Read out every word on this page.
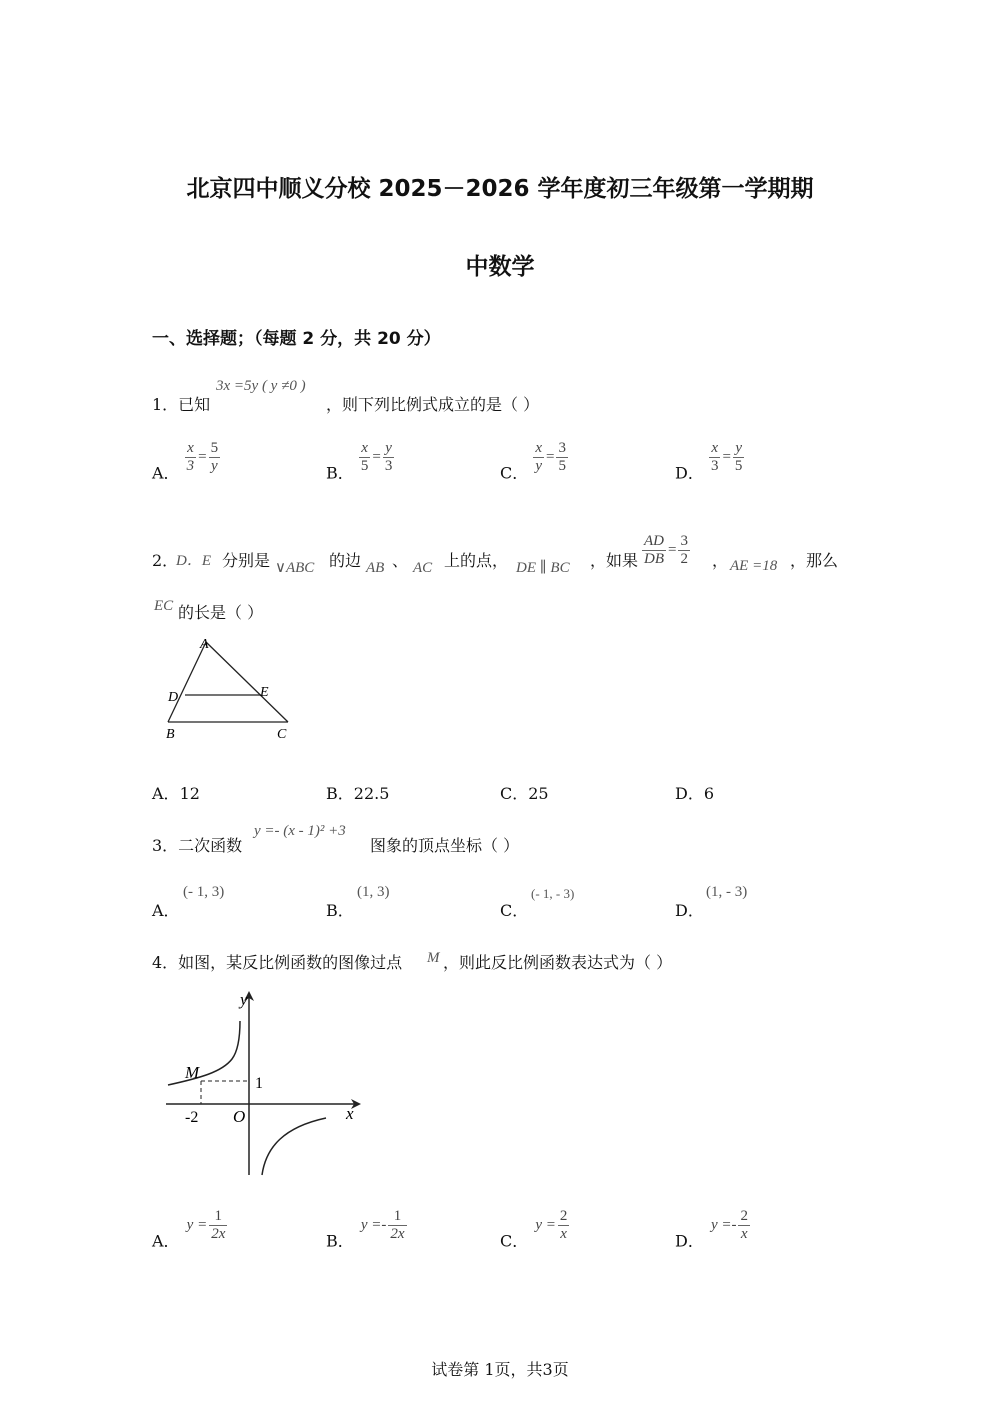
北京四中顺义分校 2025－2026 学年度初三年级第一学期期
中数学
一、选择题；（每题 2 分，共 20 分）
1．已知
3x =5y ( y ≠0 )
，则下列比例式成立的是（ ）
A． $\frac{x}{3} = \frac{5}{y}$	B． $\frac{x}{5} = \frac{y}{3}$	C． $\frac{x}{y} = \frac{3}{5}$	D． $\frac{x}{3} = \frac{y}{5}$
2．
D．E 分别是 ∨ABC 的边 AB 、 AC 上的点， DE ∥ BC ，如果 $\frac{AD}{DB} = \frac{3}{2}$ ， AE =18 ，那么
EC 的长是（ ）
A
D	E
B	C
A．12	B．22.5	C．25	D．6
3．二次函数
y =- (x - 1)² +3
图象的顶点坐标（ ）
A．
(- 1, 3)
B．
(1, 3)
C．
(- 1, - 3)
D．
(1, - 3)
4．如图，某反比例函数的图像过点 M ，则此反比例函数表达式为（ ）
y
x
M
O
1
-2
A． $y = \frac{1}{2x}$	B． $y =- \frac{1}{2x}$	C． $y = \frac{2}{x}$	D． $y =- \frac{2}{x}$
试卷第 1页，共3页
